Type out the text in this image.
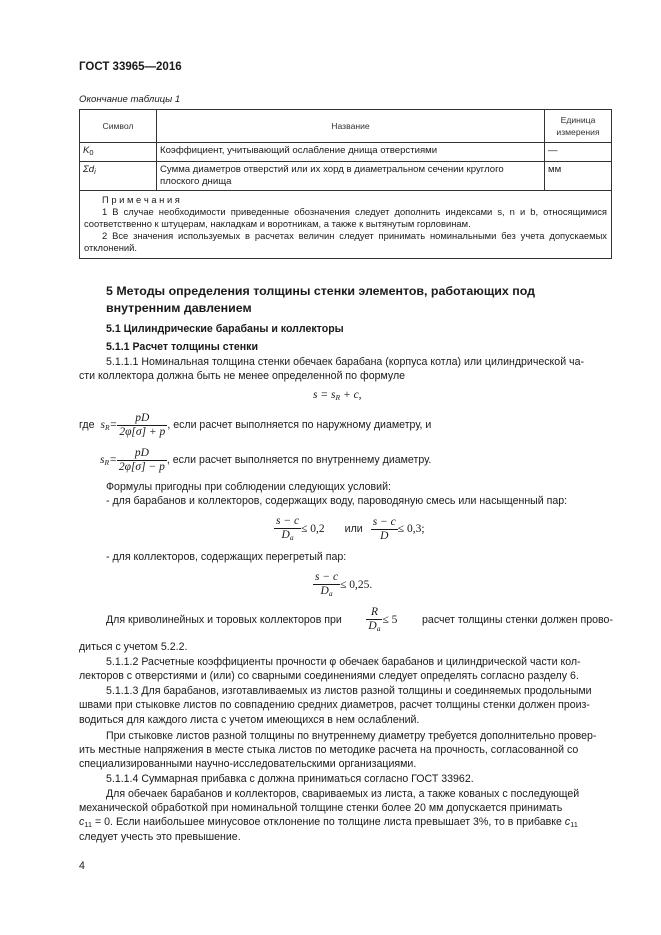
ГОСТ 33965—2016
Окончание таблицы 1
Символ	Название	Единица измерения
$K_0$	Коэффициент, учитывающий ослабление днища отверстиями	—
$\Sigma d_i$	Сумма диаметров отверстий или их хорд в диаметральном сечении круглого плоского днища	мм

П р и м е ч а н и я
1 В случае необходимости приведенные обозначения следует дополнить индексами s, n и b, относящимися соответственно к штуцерам, накладкам и воротникам, а также к вытянутым горловинам.
2 Все значения используемых в расчетах величин следует принимать номинальными без учета допускаемых отклонений.		
5 Методы определения толщины стенки элементов, работающих под
внутренним давлением
5.1 Цилиндрические барабаны и коллекторы
5.1.1 Расчет толщины стенки
5.1.1.1 Номинальная толщина стенки обечаек барабана (корпуса котла) или цилиндрической ча-
сти коллектора должна быть не менее определенной по формуле
$s = s_R + c$,
где $s_R = \frac{pD}{2\varphi[\sigma] + p}$ , если расчет выполняется по наружному диаметру, и
$s_R = \frac{pD}{2\varphi[\sigma] - p}$ , если расчет выполняется по внутреннему диаметру.
Формулы пригодны при соблюдении следующих условий:
- для барабанов и коллекторов, содержащих воду, пароводяную смесь или насыщенный пар:
$\frac{s - c}{D_a} \le 0,2$ или $\frac{s - c}{D} \le 0,3$;
- для коллекторов, содержащих перегретый пар:
$\frac{s - c}{D_a} \le 0,25$.
Для криволинейных и торовых коллекторов при $\frac{R}{D_a} \le 5$ расчет толщины стенки должен прово-
диться с учетом 5.2.2.
5.1.1.2 Расчетные коэффициенты прочности φ обечаек барабанов и цилиндрической части кол-
лекторов с отверстиями и (или) со сварными соединениями следует определять согласно разделу 6.
5.1.1.3 Для барабанов, изготавливаемых из листов разной толщины и соединяемых продольными
швами при стыковке листов по совпадению средних диаметров, расчет толщины стенки должен произ-
водиться для каждого листа с учетом имеющихся в нем ослаблений.
При стыковке листов разной толщины по внутреннему диаметру требуется дополнительно провер-
ить местные напряжения в месте стыка листов по методике расчета на прочность, согласованной со
специализированными научно-исследовательскими организациями.
5.1.1.4 Суммарная прибавка c должна приниматься согласно ГОСТ 33962.
Для обечаек барабанов и коллекторов, свариваемых из листа, а также кованых с последующей
механической обработкой при номинальной толщине стенки более 20 мм допускается принимать
$c_{11} = 0$. Если наибольшее минусовое отклонение по толщине листа превышает 3%, то в прибавке $c_{11}$
следует учесть это превышение.
4
